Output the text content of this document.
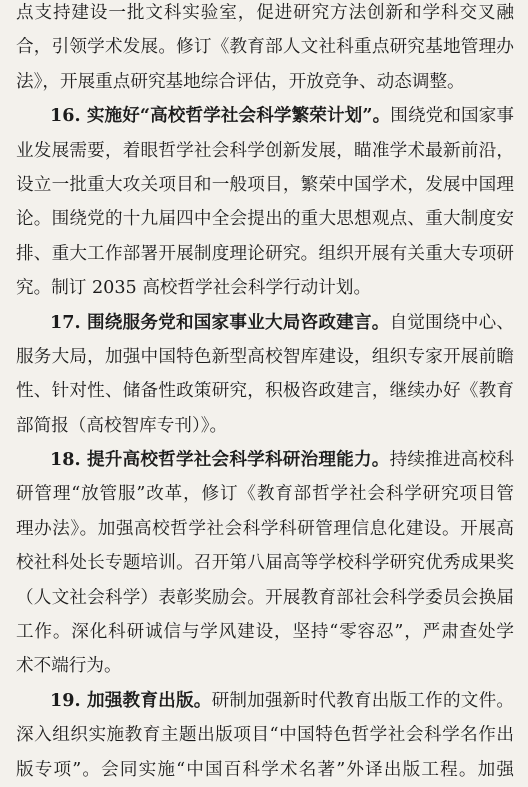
点支持建设一批文科实验室，促进研究方法创新和学科交叉融
合，引领学术发展。修订《教育部人文社科重点研究基地管理办
法》，开展重点研究基地综合评估，开放竞争、动态调整。
16. 实施好“高校哲学社会科学繁荣计划”。围绕党和国家事
业发展需要，着眼哲学社会科学创新发展，瞄准学术最新前沿，
设立一批重大攻关项目和一般项目，繁荣中国学术，发展中国理
论。围绕党的十九届四中全会提出的重大思想观点、重大制度安
排、重大工作部署开展制度理论研究。组织开展有关重大专项研
究。制订 2035 高校哲学社会科学行动计划。
17. 围绕服务党和国家事业大局咨政建言。自觉围绕中心、
服务大局，加强中国特色新型高校智库建设，组织专家开展前瞻
性、针对性、储备性政策研究，积极咨政建言，继续办好《教育
部简报（高校智库专刊）》。
18. 提升高校哲学社会科学科研治理能力。持续推进高校科
研管理“放管服”改革，修订《教育部哲学社会科学研究项目管
理办法》。加强高校哲学社会科学科研管理信息化建设。开展高
校社科处长专题培训。召开第八届高等学校科学研究优秀成果奖
（人文社会科学）表彰奖励会。开展教育部社会科学委员会换届
工作。深化科研诚信与学风建设，坚持“零容忍”，严肃查处学
术不端行为。
19. 加强教育出版。研制加强新时代教育出版工作的文件。
深入组织实施教育主题出版项目“中国特色哲学社会科学名作出
版专项”。会同实施“中国百科学术名著”外译出版工程。加强
